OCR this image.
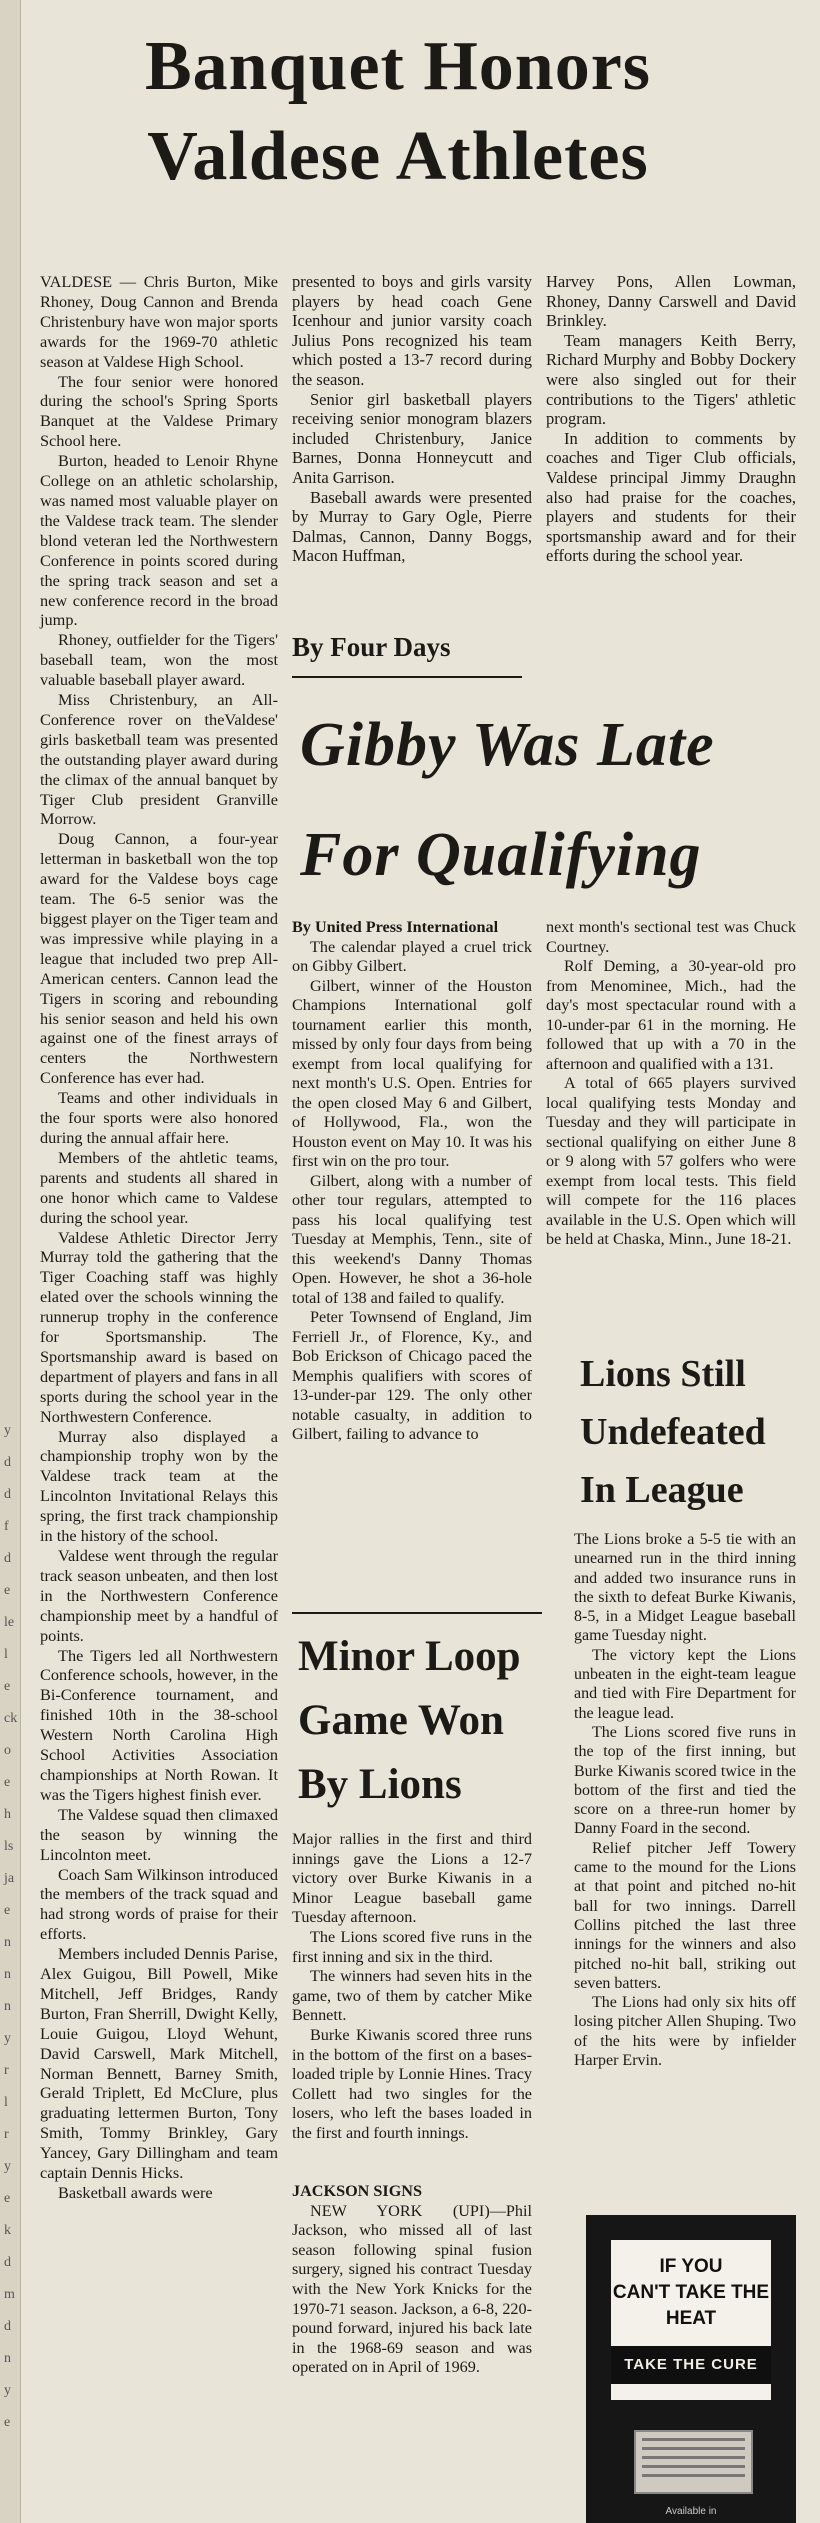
y
d
d
f
d
e
le
l
e
ck
o
e
h
ls
ja
e
n
n
n
y
r
l
r
y
e
k
d
m
d
n
y
e
Banquet Honors
Valdese Athletes

VALDESE — Chris Burton, Mike Rhoney, Doug Cannon and Brenda Christenbury have won major sports awards for the 1969-70 athletic season at Valdese High School.

The four senior were honored during the school's Spring Sports Banquet at the Valdese Primary School here.

Burton, headed to Lenoir Rhyne College on an athletic scholarship, was named most valuable player on the Valdese track team. The slender blond veteran led the Northwestern Conference in points scored during the spring track season and set a new conference record in the broad jump.

Rhoney, outfielder for the Tigers' baseball team, won the most valuable baseball player award.

Miss Christenbury, an All-Conference rover on theValdese' girls basketball team was presented the outstanding player award during the climax of the annual banquet by Tiger Club president Granville Morrow.

Doug Cannon, a four-year letterman in basketball won the top award for the Valdese boys cage team. The 6-5 senior was the biggest player on the Tiger team and was impressive while playing in a league that included two prep All-American centers. Cannon lead the Tigers in scoring and rebounding his senior season and held his own against one of the finest arrays of centers the Northwestern Conference has ever had.

Teams and other individuals in the four sports were also honored during the annual affair here.

Members of the ahtletic teams, parents and students all shared in one honor which came to Valdese during the school year.

Valdese Athletic Director Jerry Murray told the gathering that the Tiger Coaching staff was highly elated over the schools winning the runnerup trophy in the conference for Sportsmanship. The Sportsmanship award is based on department of players and fans in all sports during the school year in the Northwestern Conference.

Murray also displayed a championship trophy won by the Valdese track team at the Lincolnton Invitational Relays this spring, the first track championship in the history of the school.

Valdese went through the regular track season unbeaten, and then lost in the Northwestern Conference championship meet by a handful of points.

The Tigers led all Northwestern Conference schools, however, in the Bi-Conference tournament, and finished 10th in the 38-school Western North Carolina High School Activities Association championships at North Rowan. It was the Tigers highest finish ever.

The Valdese squad then climaxed the season by winning the Lincolnton meet.

Coach Sam Wilkinson introduced the members of the track squad and had strong words of praise for their efforts.

Members included Dennis Parise, Alex Guigou, Bill Powell, Mike Mitchell, Jeff Bridges, Randy Burton, Fran Sherrill, Dwight Kelly, Louie Guigou, Lloyd Wehunt, David Carswell, Mark Mitchell, Norman Bennett, Barney Smith, Gerald Triplett, Ed McClure, plus graduating lettermen Burton, Tony Smith, Tommy Brinkley, Gary Yancey, Gary Dillingham and team captain Dennis Hicks.

Basketball awards were

presented to boys and girls varsity players by head coach Gene Icenhour and junior varsity coach Julius Pons recognized his team which posted a 13-7 record during the season.

Senior girl basketball players receiving senior monogram blazers included Christenbury, Janice Barnes, Donna Honneycutt and Anita Garrison.

Baseball awards were presented by Murray to Gary Ogle, Pierre Dalmas, Cannon, Danny Boggs, Macon Huffman,

Harvey Pons, Allen Lowman, Rhoney, Danny Carswell and David Brinkley.

Team managers Keith Berry, Richard Murphy and Bobby Dockery were also singled out for their contributions to the Tigers' athletic program.

In addition to comments by coaches and Tiger Club officials, Valdese principal Jimmy Draughn also had praise for the coaches, players and students for their sportsmanship award and for their efforts during the school year.

By Four Days
Gibby Was Late
For Qualifying

By United Press International

The calendar played a cruel trick on Gibby Gilbert.

Gilbert, winner of the Houston Champions International golf tournament earlier this month, missed by only four days from being exempt from local qualifying for next month's U.S. Open. Entries for the open closed May 6 and Gilbert, of Hollywood, Fla., won the Houston event on May 10. It was his first win on the pro tour.

Gilbert, along with a number of other tour regulars, attempted to pass his local qualifying test Tuesday at Memphis, Tenn., site of this weekend's Danny Thomas Open. However, he shot a 36-hole total of 138 and failed to qualify.

Peter Townsend of England, Jim Ferriell Jr., of Florence, Ky., and Bob Erickson of Chicago paced the Memphis qualifiers with scores of 13-under-par 129. The only other notable casualty, in addition to Gilbert, failing to advance to

next month's sectional test was Chuck Courtney.

Rolf Deming, a 30-year-old pro from Menominee, Mich., had the day's most spectacular round with a 10-under-par 61 in the morning. He followed that up with a 70 in the afternoon and qualified with a 131.

A total of 665 players survived local qualifying tests Monday and Tuesday and they will participate in sectional qualifying on either June 8 or 9 along with 57 golfers who were exempt from local tests. This field will compete for the 116 places available in the U.S. Open which will be held at Chaska, Minn., June 18-21.

Lions Still
Undefeated
In League

The Lions broke a 5-5 tie with an unearned run in the third inning and added two insurance runs in the sixth to defeat Burke Kiwanis, 8-5, in a Midget League baseball game Tuesday night.

The victory kept the Lions unbeaten in the eight-team league and tied with Fire Department for the league lead.

The Lions scored five runs in the top of the first inning, but Burke Kiwanis scored twice in the bottom of the first and tied the score on a three-run homer by Danny Foard in the second.

Relief pitcher Jeff Towery came to the mound for the Lions at that point and pitched no-hit ball for two innings. Darrell Collins pitched the last three innings for the winners and also pitched no-hit ball, striking out seven batters.

The Lions had only six hits off losing pitcher Allen Shuping. Two of the hits were by infielder Harper Ervin.

Minor Loop
Game Won
By Lions

Major rallies in the first and third innings gave the Lions a 12-7 victory over Burke Kiwanis in a Minor League baseball game Tuesday afternoon.

The Lions scored five runs in the first inning and six in the third.

The winners had seven hits in the game, two of them by catcher Mike Bennett.

Burke Kiwanis scored three runs in the bottom of the first on a bases-loaded triple by Lonnie Hines. Tracy Collett had two singles for the losers, who left the bases loaded in the first and fourth innings.

JACKSON SIGNS

NEW YORK (UPI)—Phil Jackson, who missed all of last season following spinal fusion surgery, signed his contract Tuesday with the New York Knicks for the 1970-71 season. Jackson, a 6-8, 220-pound forward, injured his back late in the 1968-69 season and was operated on in April of 1969.

IF YOU
CAN'T TAKE THE
HEAT
TAKE THE CURE
Available in
